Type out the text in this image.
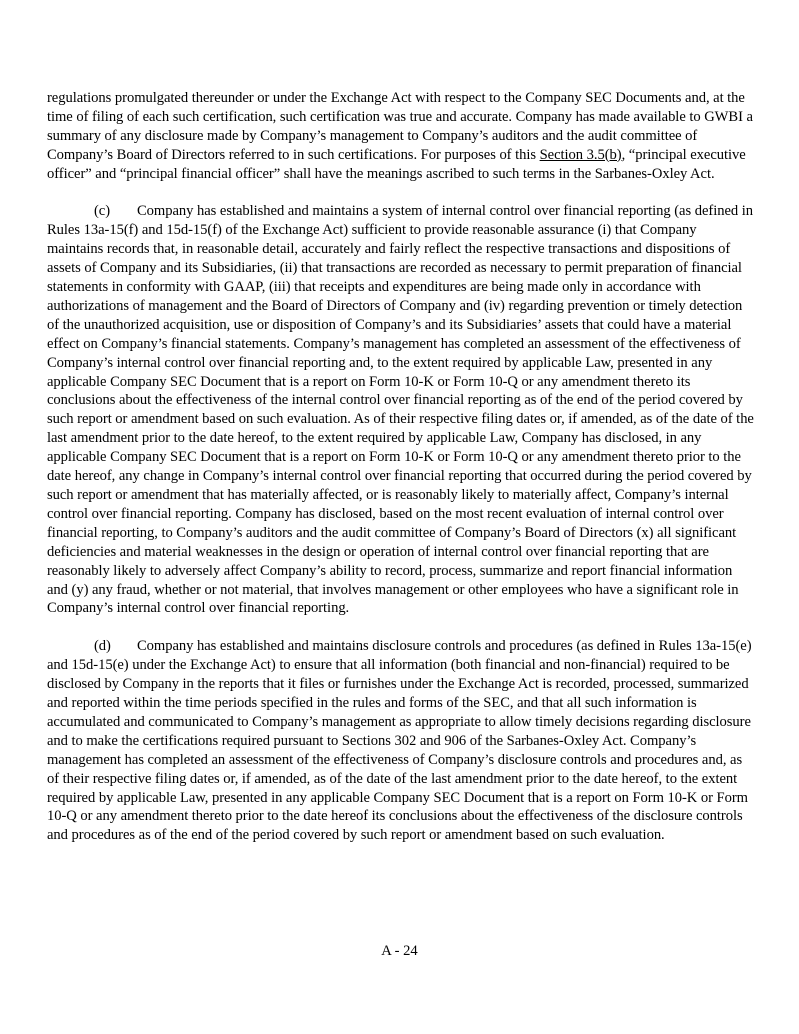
regulations promulgated thereunder or under the Exchange Act with respect to the Company SEC Documents and, at the time of filing of each such certification, such certification was true and accurate. Company has made available to GWBI a summary of any disclosure made by Company’s management to Company’s auditors and the audit committee of Company’s Board of Directors referred to in such certifications. For purposes of this Section 3.5(b), “principal executive officer” and “principal financial officer” shall have the meanings ascribed to such terms in the Sarbanes-Oxley Act.

(c) Company has established and maintains a system of internal control over financial reporting (as defined in Rules 13a-15(f) and 15d-15(f) of the Exchange Act) sufficient to provide reasonable assurance (i) that Company maintains records that, in reasonable detail, accurately and fairly reflect the respective transactions and dispositions of assets of Company and its Subsidiaries, (ii) that transactions are recorded as necessary to permit preparation of financial statements in conformity with GAAP, (iii) that receipts and expenditures are being made only in accordance with authorizations of management and the Board of Directors of Company and (iv) regarding prevention or timely detection of the unauthorized acquisition, use or disposition of Company’s and its Subsidiaries’ assets that could have a material effect on Company’s financial statements. Company’s management has completed an assessment of the effectiveness of Company’s internal control over financial reporting and, to the extent required by applicable Law, presented in any applicable Company SEC Document that is a report on Form 10-K or Form 10-Q or any amendment thereto its conclusions about the effectiveness of the internal control over financial reporting as of the end of the period covered by such report or amendment based on such evaluation. As of their respective filing dates or, if amended, as of the date of the last amendment prior to the date hereof, to the extent required by applicable Law, Company has disclosed, in any applicable Company SEC Document that is a report on Form 10-K or Form 10-Q or any amendment thereto prior to the date hereof, any change in Company’s internal control over financial reporting that occurred during the period covered by such report or amendment that has materially affected, or is reasonably likely to materially affect, Company’s internal control over financial reporting. Company has disclosed, based on the most recent evaluation of internal control over financial reporting, to Company’s auditors and the audit committee of Company’s Board of Directors (x) all significant deficiencies and material weaknesses in the design or operation of internal control over financial reporting that are reasonably likely to adversely affect Company’s ability to record, process, summarize and report financial information and (y) any fraud, whether or not material, that involves management or other employees who have a significant role in Company’s internal control over financial reporting.

(d) Company has established and maintains disclosure controls and procedures (as defined in Rules 13a-15(e) and 15d-15(e) under the Exchange Act) to ensure that all information (both financial and non-financial) required to be disclosed by Company in the reports that it files or furnishes under the Exchange Act is recorded, processed, summarized and reported within the time periods specified in the rules and forms of the SEC, and that all such information is accumulated and communicated to Company’s management as appropriate to allow timely decisions regarding disclosure and to make the certifications required pursuant to Sections 302 and 906 of the Sarbanes-Oxley Act. Company’s management has completed an assessment of the effectiveness of Company’s disclosure controls and procedures and, as of their respective filing dates or, if amended, as of the date of the last amendment prior to the date hereof, to the extent required by applicable Law, presented in any applicable Company SEC Document that is a report on Form 10-K or Form 10-Q or any amendment thereto prior to the date hereof its conclusions about the effectiveness of the disclosure controls and procedures as of the end of the period covered by such report or amendment based on such evaluation.

A - 24
